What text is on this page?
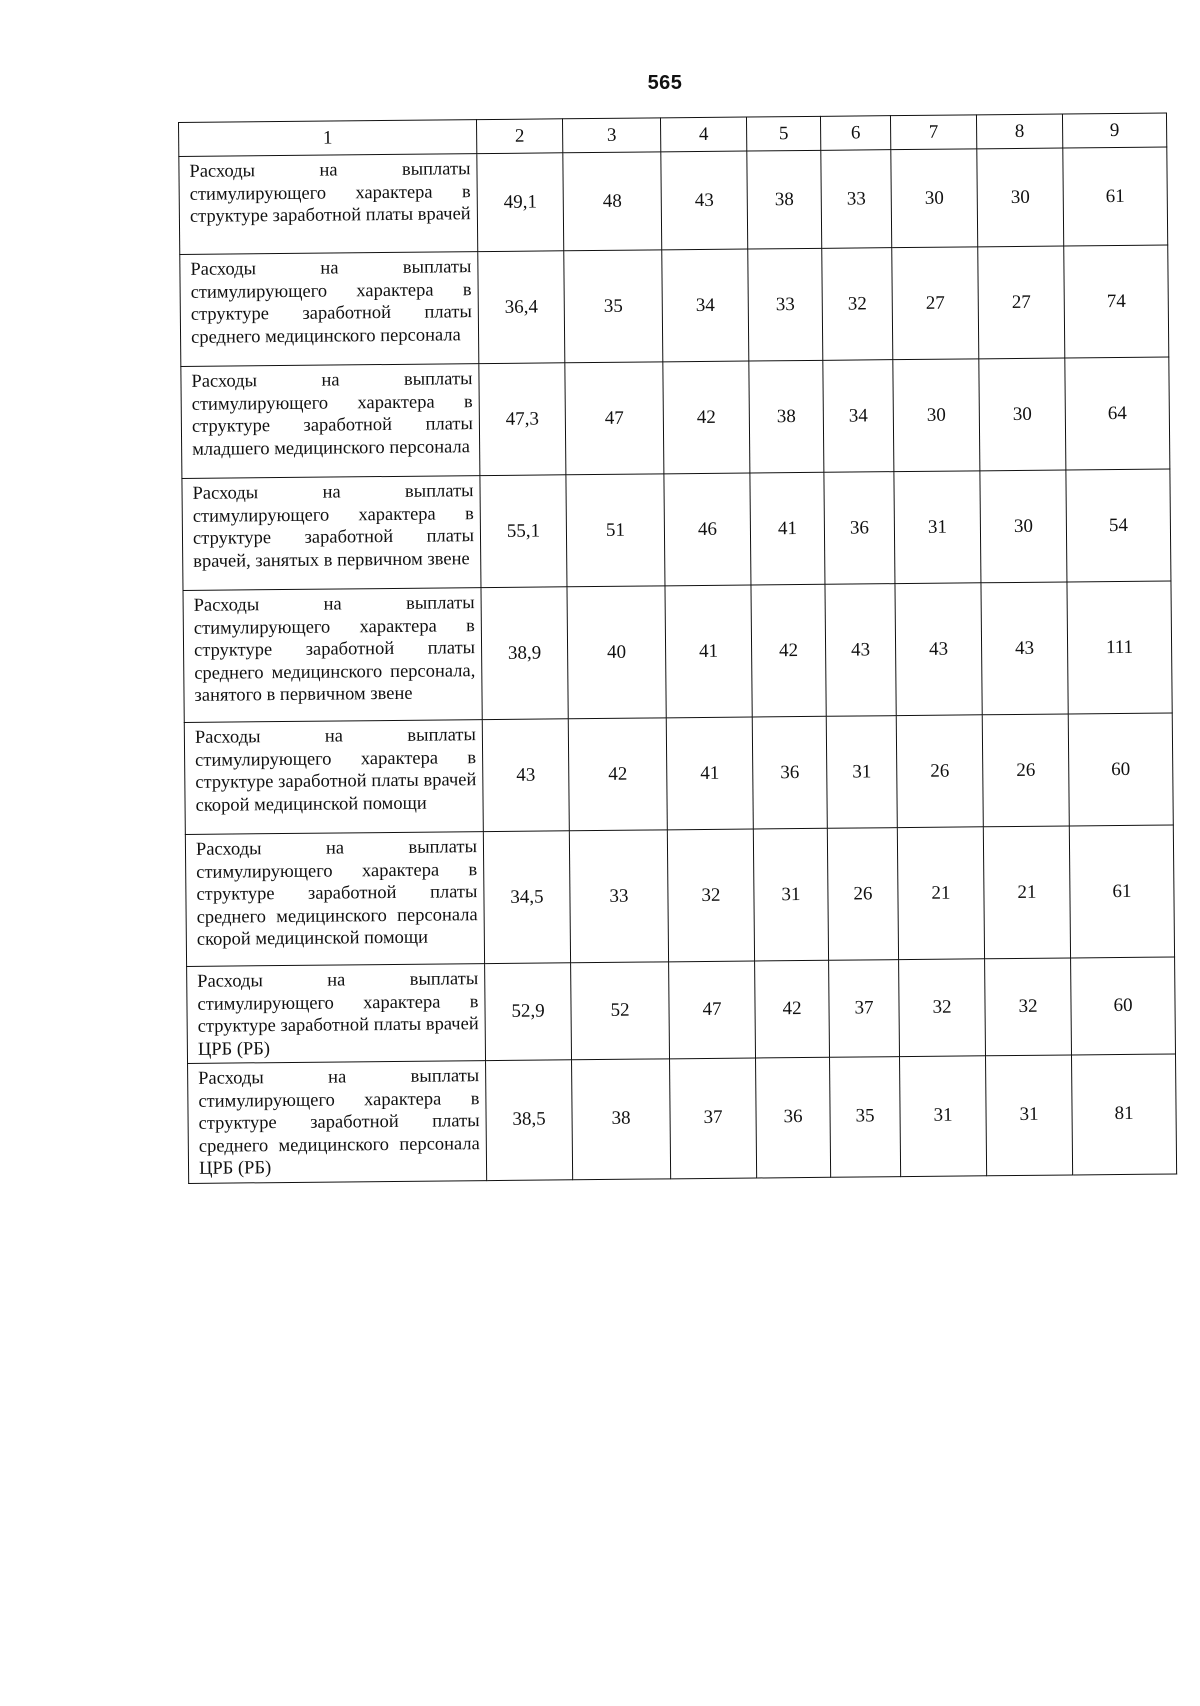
565
1	2	3	4	5	6	7	8	9
Расходы на выплаты стимулирующего характера в структуре заработной платы врачей	49,1	48	43	38	33	30	30	61
Расходы на выплаты стимулирующего характера в структуре заработной платы среднего медицинского персонала	36,4	35	34	33	32	27	27	74
Расходы на выплаты стимулирующего характера в структуре заработной платы младшего медицинского персонала	47,3	47	42	38	34	30	30	64
Расходы на выплаты стимулирующего характера в структуре заработной платы врачей, занятых в первичном звене	55,1	51	46	41	36	31	30	54
Расходы на выплаты стимулирующего характера в структуре заработной платы среднего медицинского персонала, занятого в первичном звене	38,9	40	41	42	43	43	43	111
Расходы на выплаты стимулирующего характера в структуре заработной платы врачей скорой медицинской помощи	43	42	41	36	31	26	26	60
Расходы на выплаты стимулирующего характера в структуре заработной платы среднего медицинского персонала скорой медицинской помощи	34,5	33	32	31	26	21	21	61
Расходы на выплаты стимулирующего характера в структуре заработной платы врачей ЦРБ (РБ)	52,9	52	47	42	37	32	32	60
Расходы на выплаты стимулирующего характера в структуре заработной платы среднего медицинского персонала ЦРБ (РБ)	38,5	38	37	36	35	31	31	81
